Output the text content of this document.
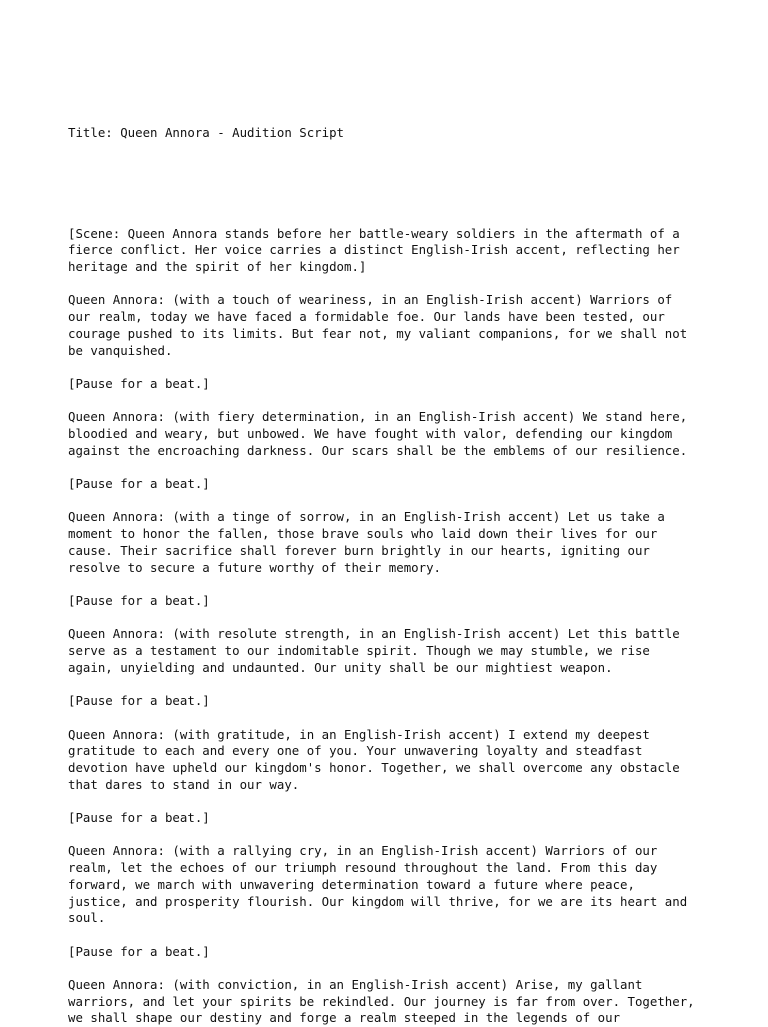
Title: Queen Annora - Audition Script

[Scene: Queen Annora stands before her battle-weary soldiers in the aftermath of a
fierce conflict. Her voice carries a distinct English-Irish accent, reflecting her
heritage and the spirit of her kingdom.]
Queen Annora: (with a touch of weariness, in an English-Irish accent) Warriors of
our realm, today we have faced a formidable foe. Our lands have been tested, our
courage pushed to its limits. But fear not, my valiant companions, for we shall not
be vanquished.
[Pause for a beat.]
Queen Annora: (with fiery determination, in an English-Irish accent) We stand here,
bloodied and weary, but unbowed. We have fought with valor, defending our kingdom
against the encroaching darkness. Our scars shall be the emblems of our resilience.
[Pause for a beat.]
Queen Annora: (with a tinge of sorrow, in an English-Irish accent) Let us take a
moment to honor the fallen, those brave souls who laid down their lives for our
cause. Their sacrifice shall forever burn brightly in our hearts, igniting our
resolve to secure a future worthy of their memory.
[Pause for a beat.]
Queen Annora: (with resolute strength, in an English-Irish accent) Let this battle
serve as a testament to our indomitable spirit. Though we may stumble, we rise
again, unyielding and undaunted. Our unity shall be our mightiest weapon.
[Pause for a beat.]
Queen Annora: (with gratitude, in an English-Irish accent) I extend my deepest
gratitude to each and every one of you. Your unwavering loyalty and steadfast
devotion have upheld our kingdom's honor. Together, we shall overcome any obstacle
that dares to stand in our way.
[Pause for a beat.]
Queen Annora: (with a rallying cry, in an English-Irish accent) Warriors of our
realm, let the echoes of our triumph resound throughout the land. From this day
forward, we march with unwavering determination toward a future where peace,
justice, and prosperity flourish. Our kingdom will thrive, for we are its heart and
soul.
[Pause for a beat.]
Queen Annora: (with conviction, in an English-Irish accent) Arise, my gallant
warriors, and let your spirits be rekindled. Our journey is far from over. Together,
we shall shape our destiny and forge a realm steeped in the legends of our
